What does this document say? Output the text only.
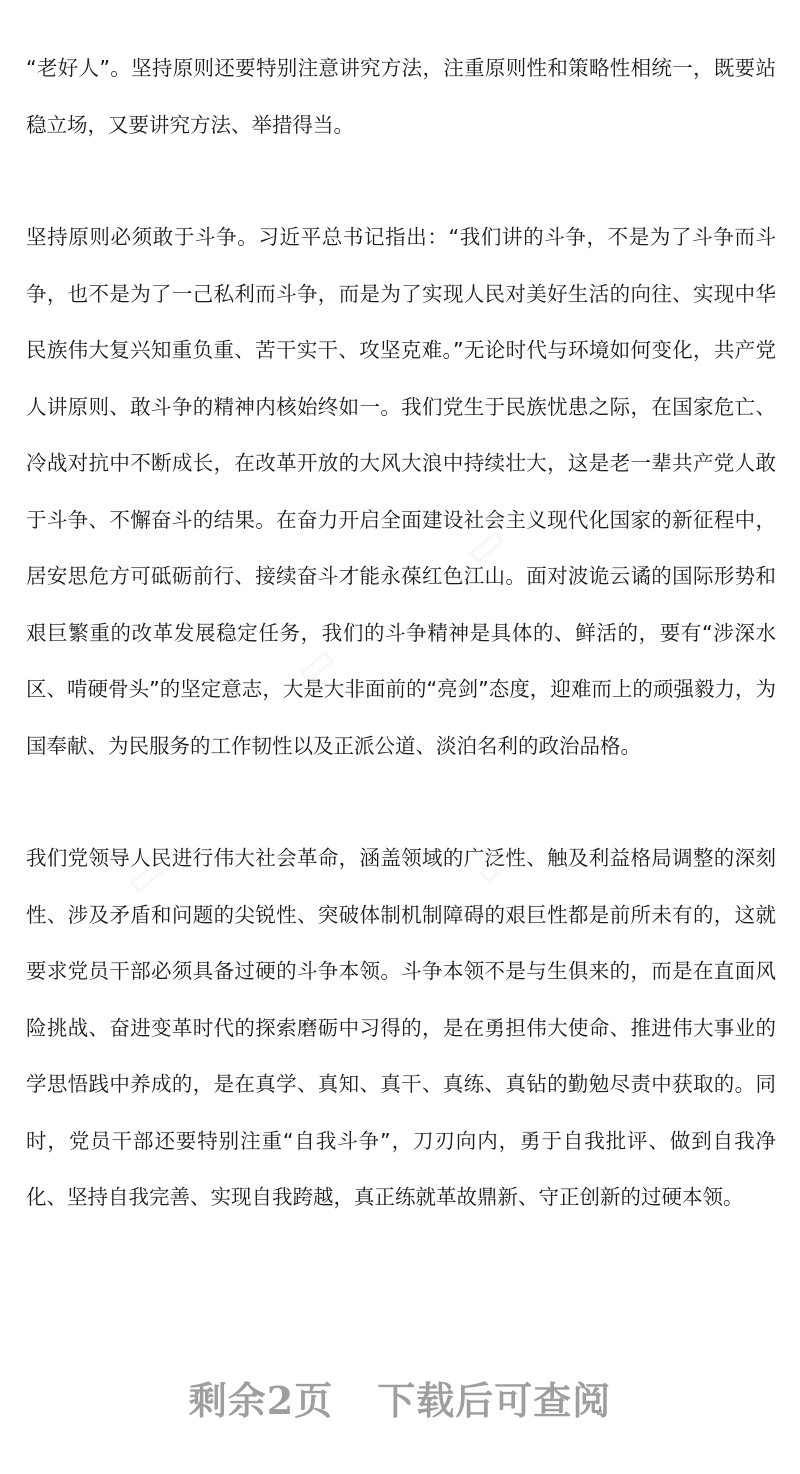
“老好人”。坚持原则还要特别注意讲究方法，注重原则性和策略性相统一，既要站稳立场，又要讲究方法、举措得当。

坚持原则必须敢于斗争。习近平总书记指出：“我们讲的斗争，不是为了斗争而斗争，也不是为了一己私利而斗争，而是为了实现人民对美好生活的向往、实现中华民族伟大复兴知重负重、苦干实干、攻坚克难。”无论时代与环境如何变化，共产党人讲原则、敢斗争的精神内核始终如一。我们党生于民族忧患之际，在国家危亡、冷战对抗中不断成长，在改革开放的大风大浪中持续壮大，这是老一辈共产党人敢于斗争、不懈奋斗的结果。在奋力开启全面建设社会主义现代化国家的新征程中，居安思危方可砥砺前行、接续奋斗才能永葆红色江山。面对波诡云谲的国际形势和艰巨繁重的改革发展稳定任务，我们的斗争精神是具体的、鲜活的，要有“涉深水区、啃硬骨头”的坚定意志，大是大非面前的“亮剑”态度，迎难而上的顽强毅力，为国奉献、为民服务的工作韧性以及正派公道、淡泊名利的政治品格。

我们党领导人民进行伟大社会革命，涵盖领域的广泛性、触及利益格局调整的深刻性、涉及矛盾和问题的尖锐性、突破体制机制障碍的艰巨性都是前所未有的，这就要求党员干部必须具备过硬的斗争本领。斗争本领不是与生俱来的，而是在直面风险挑战、奋进变革时代的探索磨砺中习得的，是在勇担伟大使命、推进伟大事业的学思悟践中养成的，是在真学、真知、真干、真练、真钻的勤勉尽责中获取的。同时，党员干部还要特别注重“自我斗争”，刀刃向内，勇于自我批评、做到自我净化、坚持自我完善、实现自我跨越，真正练就革故鼎新、守正创新的过硬本领。

剩余2页 下载后可查阅
